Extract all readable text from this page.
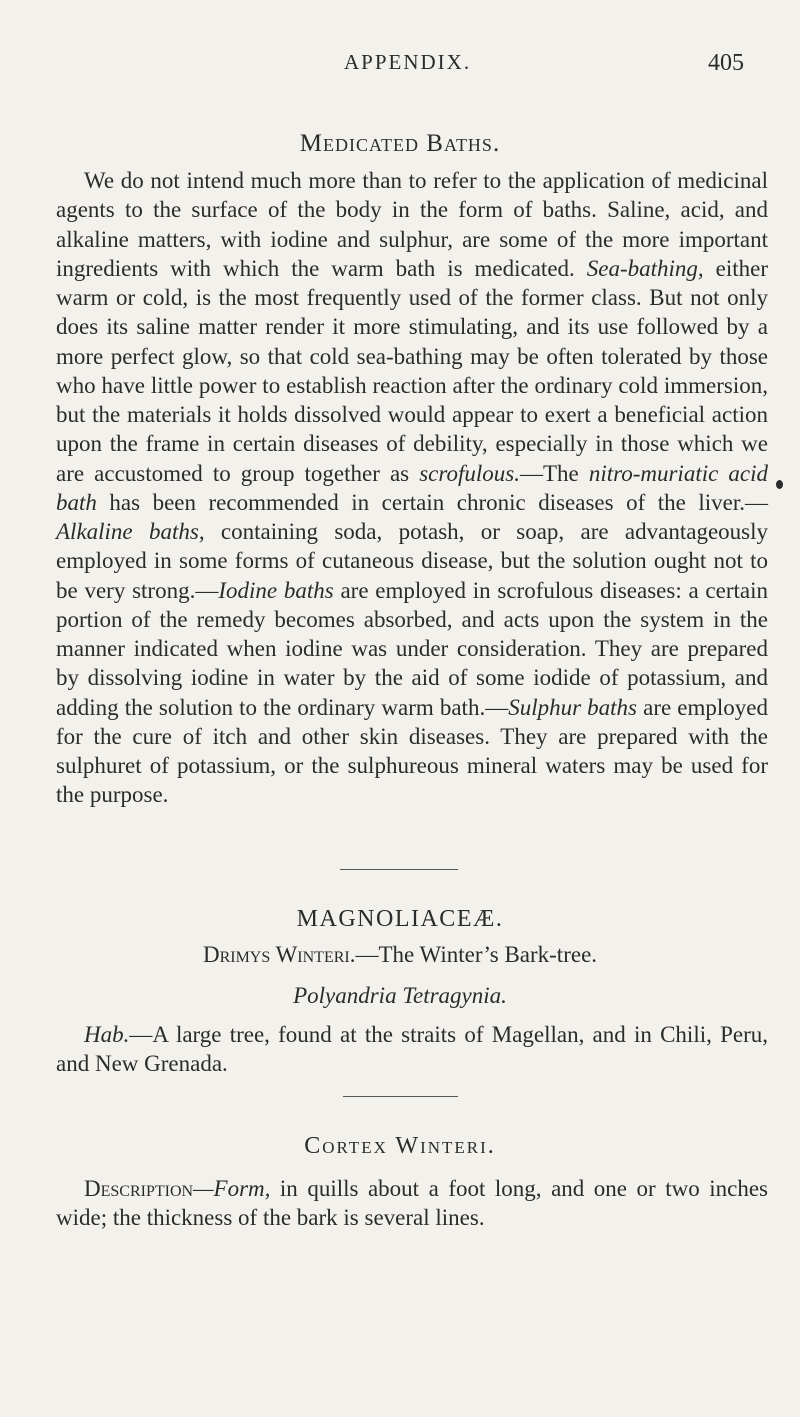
APPENDIX.	405
Medicated Baths.

We do not intend much more than to refer to the application of medicinal agents to the surface of the body in the form of baths. Saline, acid, and alkaline matters, with iodine and sulphur, are some of the more important ingredients with which the warm bath is medicated. Sea-bathing, either warm or cold, is the most frequently used of the former class. But not only does its saline matter render it more stimulating, and its use followed by a more perfect glow, so that cold sea-bathing may be often tolerated by those who have little power to establish reaction after the ordinary cold immersion, but the materials it holds dissolved would appear to exert a beneficial action upon the frame in certain diseases of debility, especially in those which we are accustomed to group together as scrofulous.—The nitro-muriatic acid bath has been recommended in certain chronic diseases of the liver.—Alkaline baths, containing soda, potash, or soap, are advantageously employed in some forms of cutaneous disease, but the solution ought not to be very strong.—Iodine baths are employed in scrofulous diseases: a certain portion of the remedy becomes absorbed, and acts upon the system in the manner indicated when iodine was under consideration. They are prepared by dissolving iodine in water by the aid of some iodide of potassium, and adding the solution to the ordinary warm bath.—Sulphur baths are employed for the cure of itch and other skin diseases. They are prepared with the sulphuret of potassium, or the sulphureous mineral waters may be used for the purpose.

MAGNOLIACEÆ.
Drimys Winteri.—The Winter’s Bark-tree.
Polyandria Tetragynia.

Hab.—A large tree, found at the straits of Magellan, and in Chili, Peru, and New Grenada.

Cortex Winteri.

Description—Form, in quills about a foot long, and one or two inches wide; the thickness of the bark is several lines.
